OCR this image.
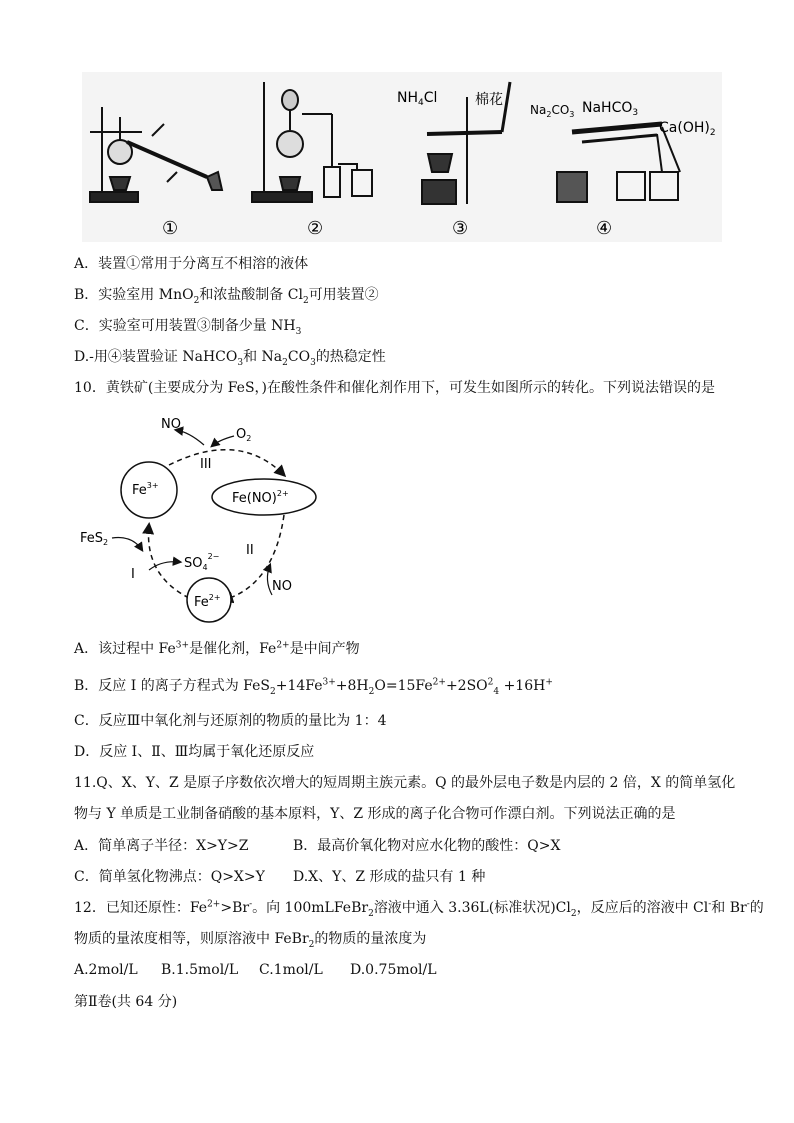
$NH_4Cl$	棉花
$Na_2CO_3$ NaHCO$_3$
$Ca(OH)_2$
①	②	③	④
A．装置①常用于分离互不相溶的液体
B．实验室用 MnO$_2$和浓盐酸制备 $Cl_2$可用装置②
C．实验室可用装置③制备少量 $NH_3$
D.-用④装置验证 NaHCO$_3$和 $Na_2CO_3$的热稳定性
10．黄铁矿(主要成分为 FeS，)在酸性条件和催化剂作用下，可发生如图所示的转化。下列说法错误的是
$Fe^{3+}$
$Fe^{2+}$
Fe(NO)$^{2+}$
NO
$O_2$
III
FeS$_2$
$SO_4^{2-}$
I
II
NO
A．该过程中 $Fe^{3+}$是催化剂，$Fe^{2+}$是中间产物
B．反应 I 的离子方程式为 $FeS_2+14Fe^{3+}+8H_2O=15Fe^{2+}+2SO^2_4 +16H^+$
C．反应Ⅲ中氧化剂与还原剂的物质的量比为 1：4
D．反应 I、Ⅱ、Ⅲ均属于氧化还原反应
11.Q、X、Y、Z 是原子序数依次增大的短周期主族元素。Q 的最外层电子数是内层的 2 倍，X 的简单氢化
物与 Y 单质是工业制备硝酸的基本原料，Y、Z 形成的离子化合物可作漂白剂。下列说法正确的是
A．简单离子半径：X>Y>Z	B．最高价氧化物对应水化物的酸性：Q>X
C．简单氢化物沸点：Q>X>Y D.X、Y、Z 形成的盐只有 1 种
12．已知还原性：$Fe^{2+}>Br^-$。向 100mLFeBr$_2$溶液中通入 3.36L(标准状况)$Cl_2$，反应后的溶液中 Cl-和 Br-的
物质的量浓度相等，则原溶液中 FeBr$_2$的物质的量浓度为
A.2mol/L B.1.5mol/L C.1mol/L D.0.75mol/L
第Ⅱ卷(共 64 分)
